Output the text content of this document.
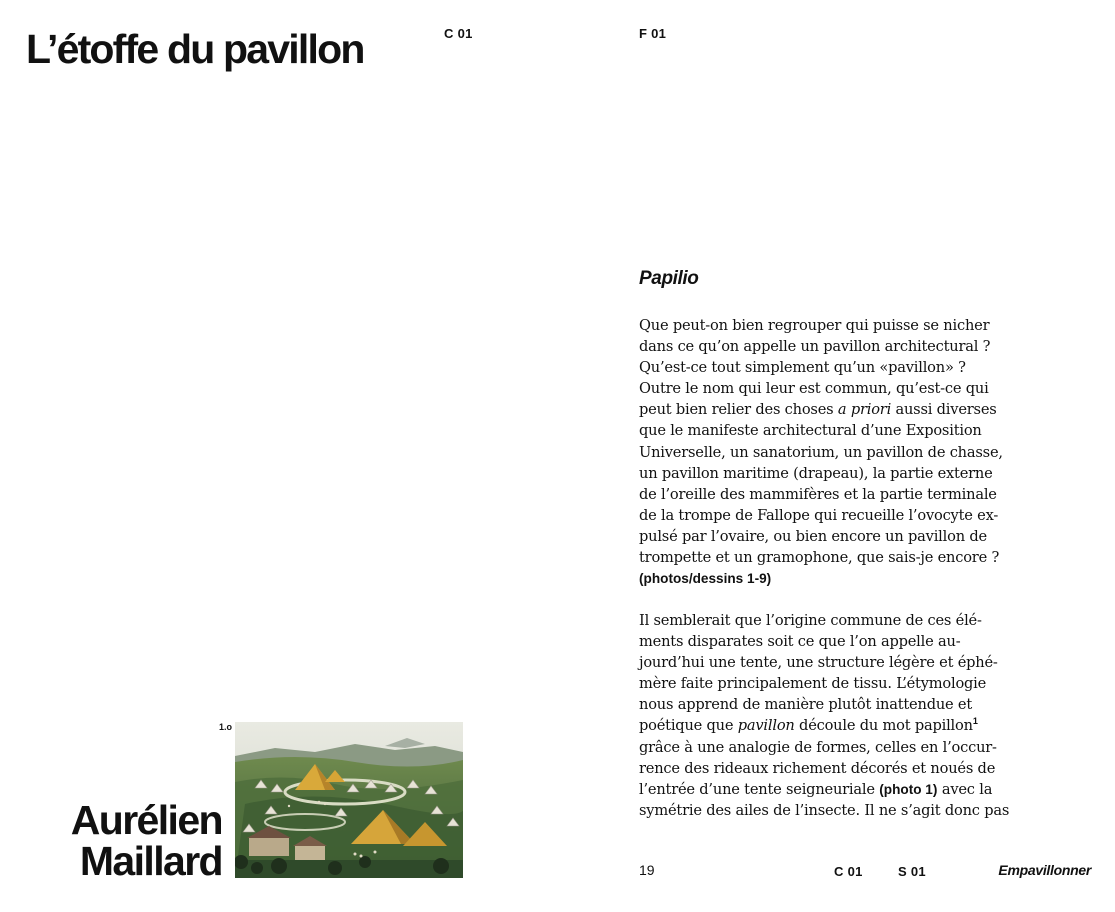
L’étoffe du pavillon	C 01
Aurélien
Maillard
1.o
F 01
Papilio

Que peut-on bien regrouper qui puisse se nicher
dans ce qu’on appelle un pavillon architectural ?
Qu’est-ce tout simplement qu’un «pavillon» ?
Outre le nom qui leur est commun, qu’est-ce qui
peut bien relier des choses a priori aussi diverses
que le manifeste architectural d’une Exposition
Universelle, un sanatorium, un pavillon de chasse,
un pavillon maritime (drapeau), la partie externe
de l’oreille des mammifères et la partie terminale
de la trompe de Fallope qui recueille l’ovocyte ex-
pulsé par l’ovaire, ou bien encore un pavillon de
trompette et un gramophone, que sais-je encore ?
(photos/dessins 1-9)

Il semblerait que l’origine commune de ces élé-
ments disparates soit ce que l’on appelle au-
jourd’hui une tente, une structure légère et éphé-
mère faite principalement de tissu. L’étymologie
nous apprend de manière plutôt inattendue et
poétique que pavillon découle du mot papillon$^1$
grâce à une analogie de formes, celles en l’occur-
rence des rideaux richement décorés et noués de
l’entrée d’une tente seigneuriale (photo 1) avec la
symétrie des ailes de l’insecte. Il ne s’agit donc pas

19	C 01	S 01	Empavillonner
